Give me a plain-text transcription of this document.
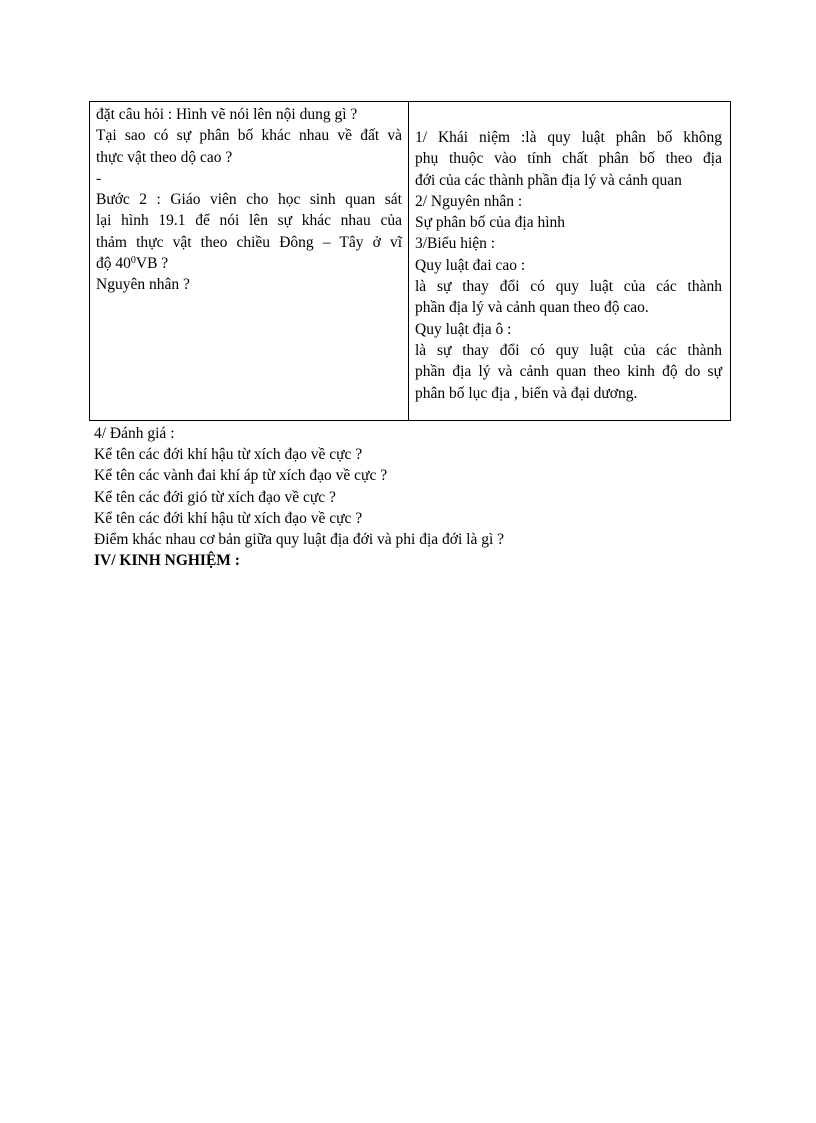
đặt câu hỏi : Hình vẽ nói lên nội dung gì ?
Tại sao có sự phân bố khác nhau về đất và
thực vật theo dộ cao ?
-
Bước 2 : Giáo viên cho học sinh quan sát
lại hình 19.1 để nói lên sự khác nhau của
thảm thực vật theo chiều Đông – Tây ở vĩ
độ $40^0VB$ ?
Nguyên nhân ?
1/ Khái niệm :là quy luật phân bố không
phụ thuộc vào tính chất phân bố theo địa
đới của các thành phần địa lý và cảnh quan
2/ Nguyên nhân :
Sự phân bố của địa hình
3/Biểu hiện :
Quy luật đai cao :
là sự thay đổi có quy luật của các thành
phần địa lý và cảnh quan theo độ cao.
Quy luật địa ô :
là sự thay đổi có quy luật của các thành
phần địa lý và cảnh quan theo kinh độ do sự
phân bố lục địa , biển và đại dương.
4/ Đánh giá :
Kể tên các đới khí hậu từ xích đạo về cực ?
Kể tên các vành đai khí áp từ xích đạo về cực ?
Kể tên các đới gió từ xích đạo về cực ?
Kể tên các đới khí hậu từ xích đạo về cực ?
Điểm khác nhau cơ bản giữa quy luật địa đới và phi địa đới là gì ?
IV/ KINH NGHIỆM :
